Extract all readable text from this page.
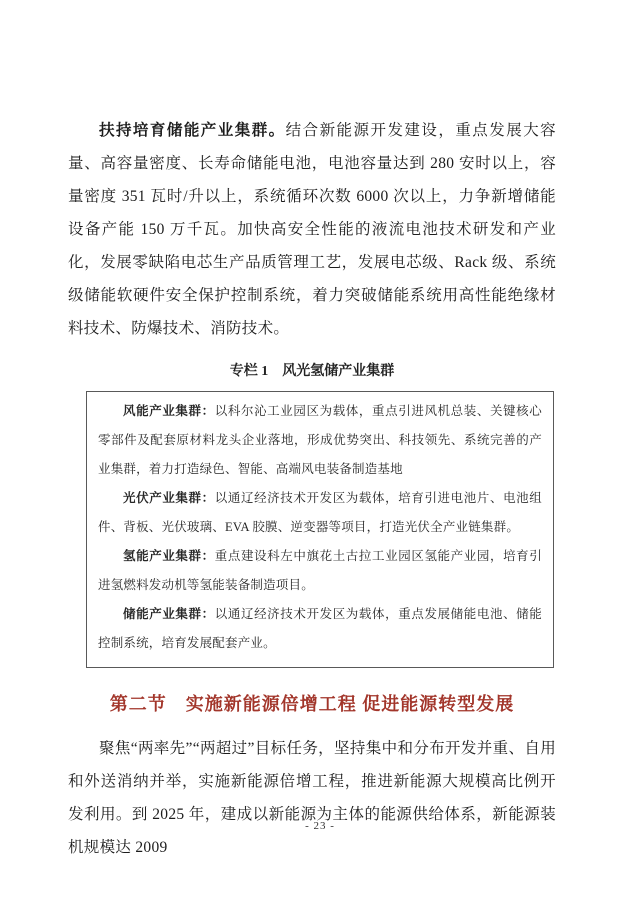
扶持培育储能产业集群。结合新能源开发建设，重点发展大容量、高容量密度、长寿命储能电池，电池容量达到 280 安时以上，容量密度 351 瓦时/升以上，系统循环次数 6000 次以上，力争新增储能设备产能 150 万千瓦。加快高安全性能的液流电池技术研发和产业化，发展零缺陷电芯生产品质管理工艺，发展电芯级、Rack 级、系统级储能软硬件安全保护控制系统，着力突破储能系统用高性能绝缘材料技术、防爆技术、消防技术。

专栏 1　风光氢储产业集群

风能产业集群：以科尔沁工业园区为载体，重点引进风机总装、关键核心零部件及配套原材料龙头企业落地，形成优势突出、科技领先、系统完善的产业集群，着力打造绿色、智能、高端风电装备制造基地

光伏产业集群：以通辽经济技术开发区为载体，培育引进电池片、电池组件、背板、光伏玻璃、EVA 胶膜、逆变器等项目，打造光伏全产业链集群。

氢能产业集群：重点建设科左中旗花土古拉工业园区氢能产业园，培育引进氢燃料发动机等氢能装备制造项目。

储能产业集群：以通辽经济技术开发区为载体，重点发展储能电池、储能控制系统，培育发展配套产业。

第二节　实施新能源倍增工程 促进能源转型发展

聚焦“两率先”“两超过”目标任务，坚持集中和分布开发并重、自用和外送消纳并举，实施新能源倍增工程，推进新能源大规模高比例开发利用。到 2025 年，建成以新能源为主体的能源供给体系，新能源装机规模达 2009

- 23 -
